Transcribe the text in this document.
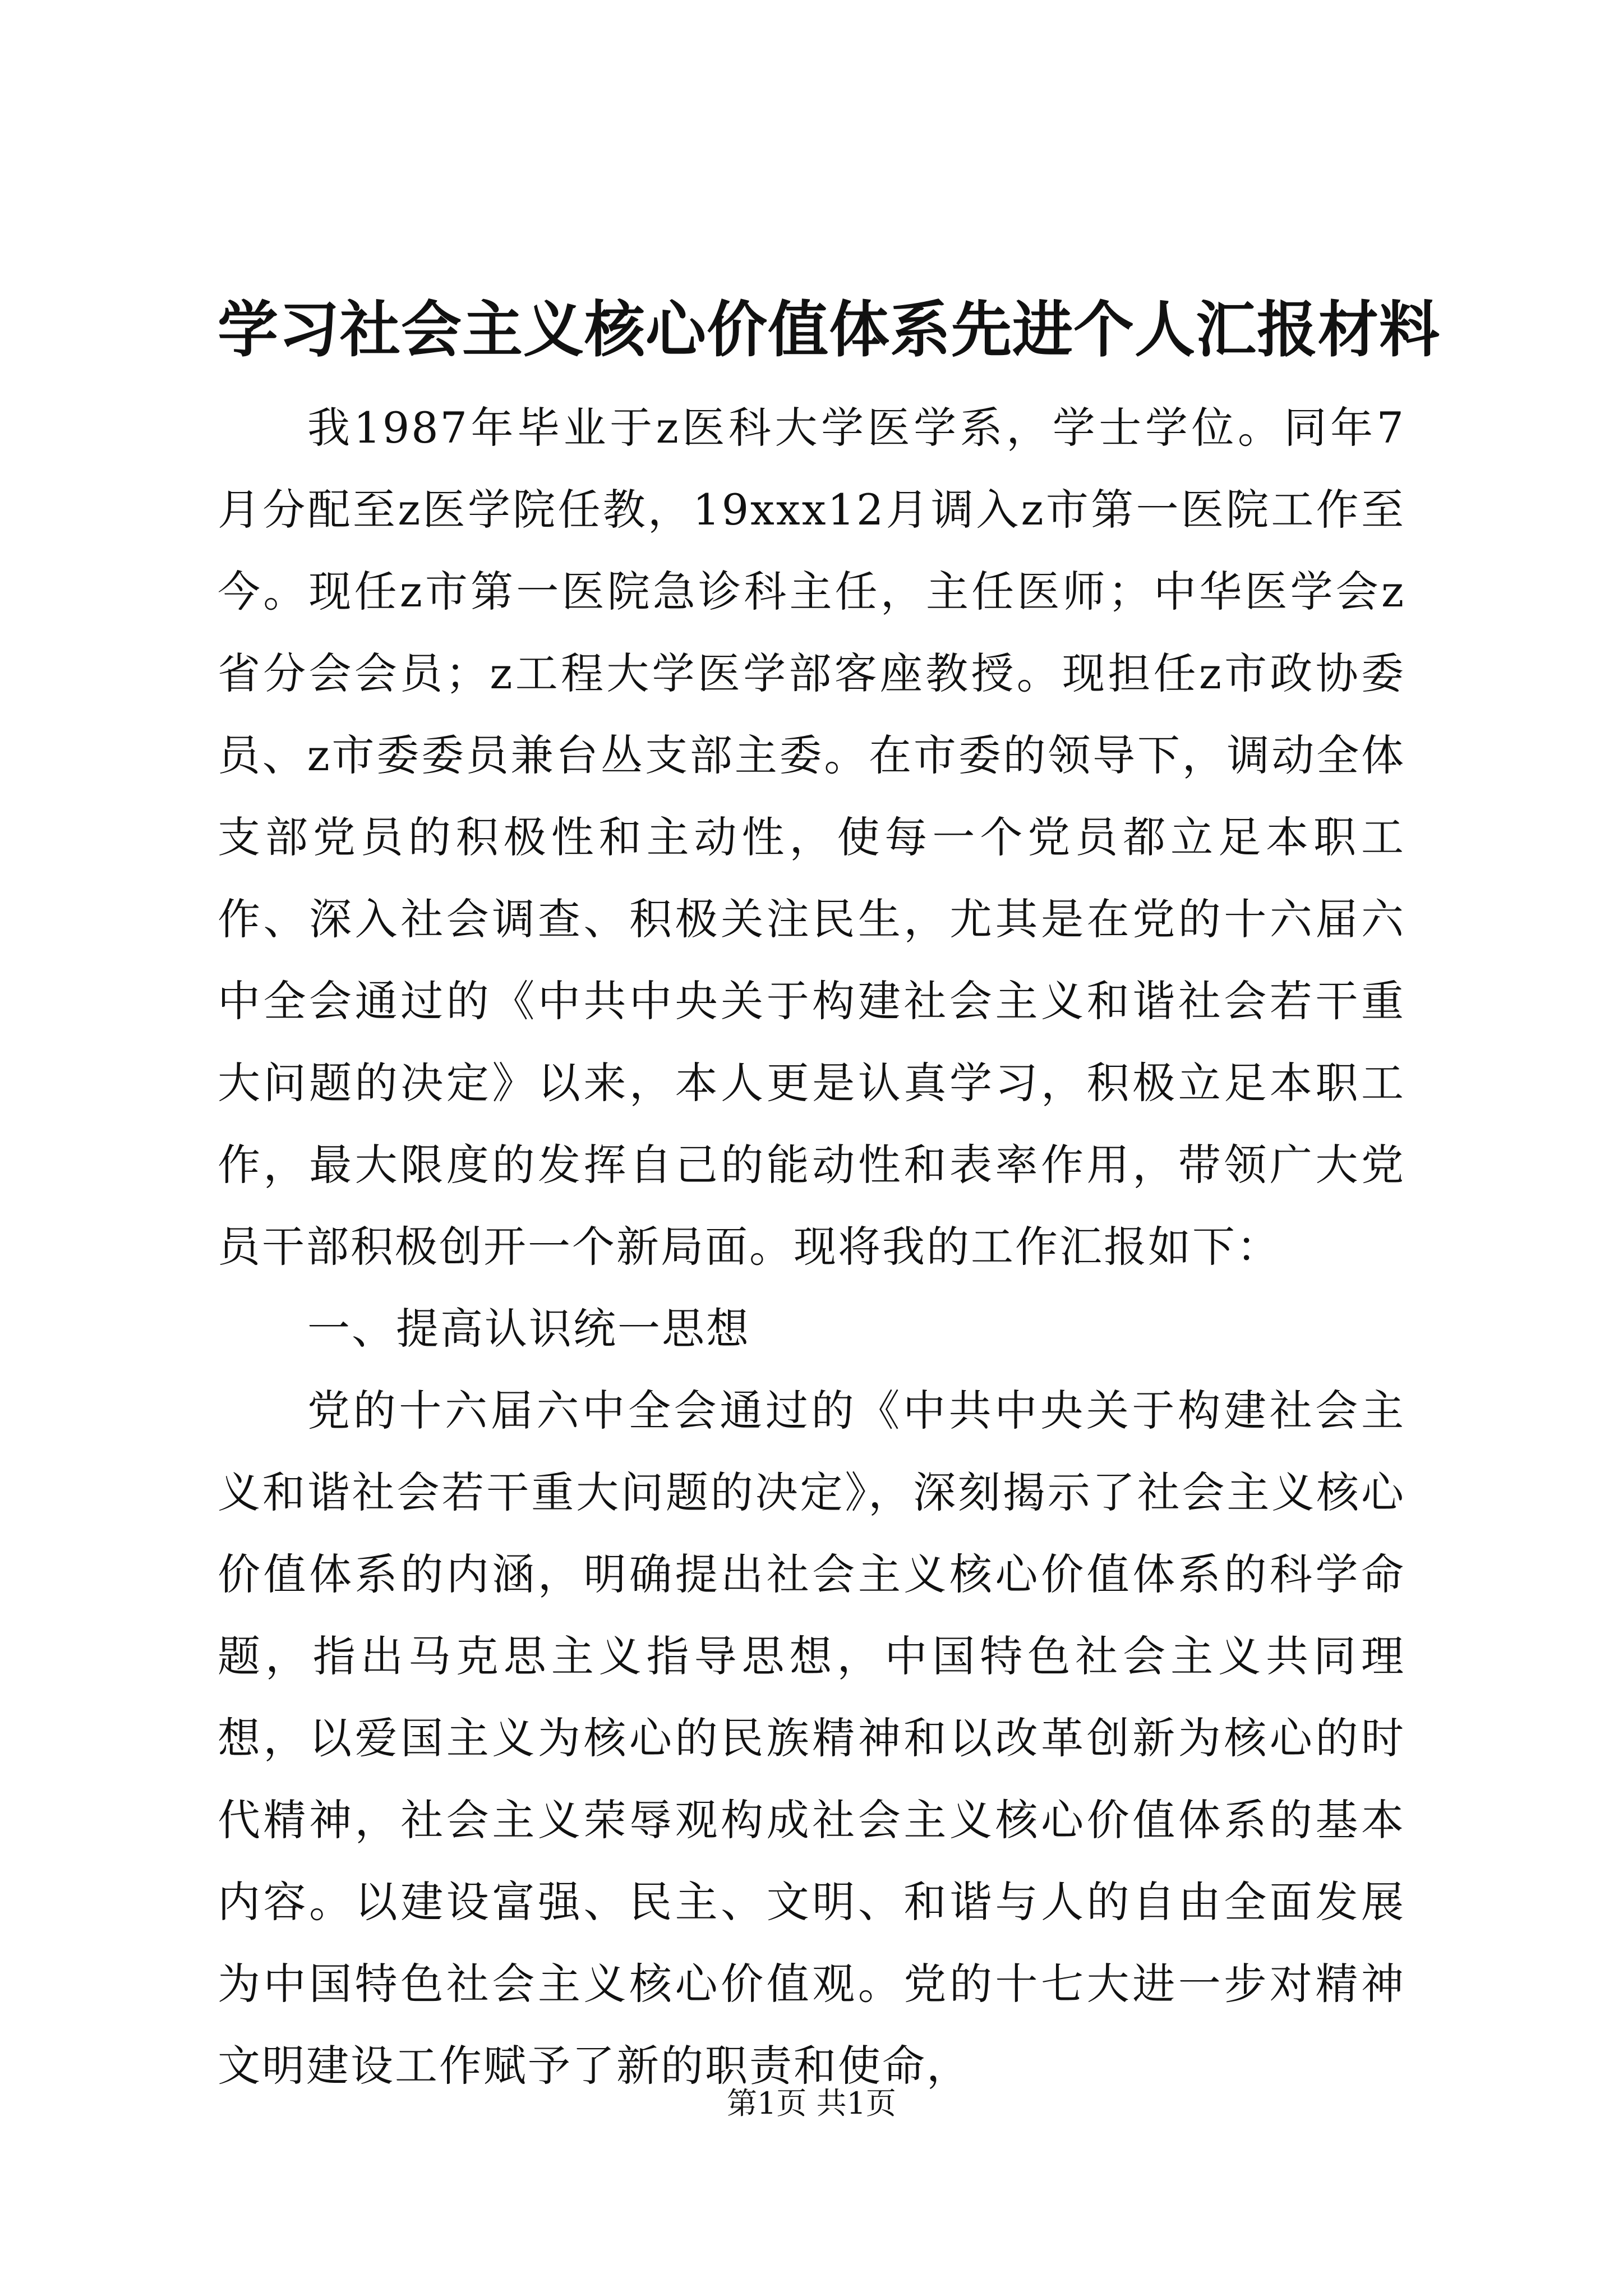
学习社会主义核心价值体系先进个人汇报材料

我1987年毕业于z医科大学医学系，学士学位。同年7月分配至z医学院任教，19xxx12月调入z市第一医院工作至今。现任z市第一医院急诊科主任，主任医师；中华医学会z省分会会员；z工程大学医学部客座教授。现担任z市政协委员、z市委委员兼台丛支部主委。在市委的领导下，调动全体支部党员的积极性和主动性，使每一个党员都立足本职工作、深入社会调查、积极关注民生，尤其是在党的十六届六中全会通过的《中共中央关于构建社会主义和谐社会若干重大问题的决定》以来，本人更是认真学习，积极立足本职工作，最大限度的发挥自己的能动性和表率作用，带领广大党员干部积极创开一个新局面。现将我的工作汇报如下：

一、提高认识统一思想

党的十六届六中全会通过的《中共中央关于构建社会主义和谐社会若干重大问题的决定》，深刻揭示了社会主义核心价值体系的内涵，明确提出社会主义核心价值体系的科学命题，指出马克思主义指导思想，中国特色社会主义共同理想，以爱国主义为核心的民族精神和以改革创新为核心的时代精神，社会主义荣辱观构成社会主义核心价值体系的基本内容。以建设富强、民主、文明、和谐与人的自由全面发展为中国特色社会主义核心价值观。党的十七大进一步对精神文明建设工作赋予了新的职责和使命，

第1页 共1页
